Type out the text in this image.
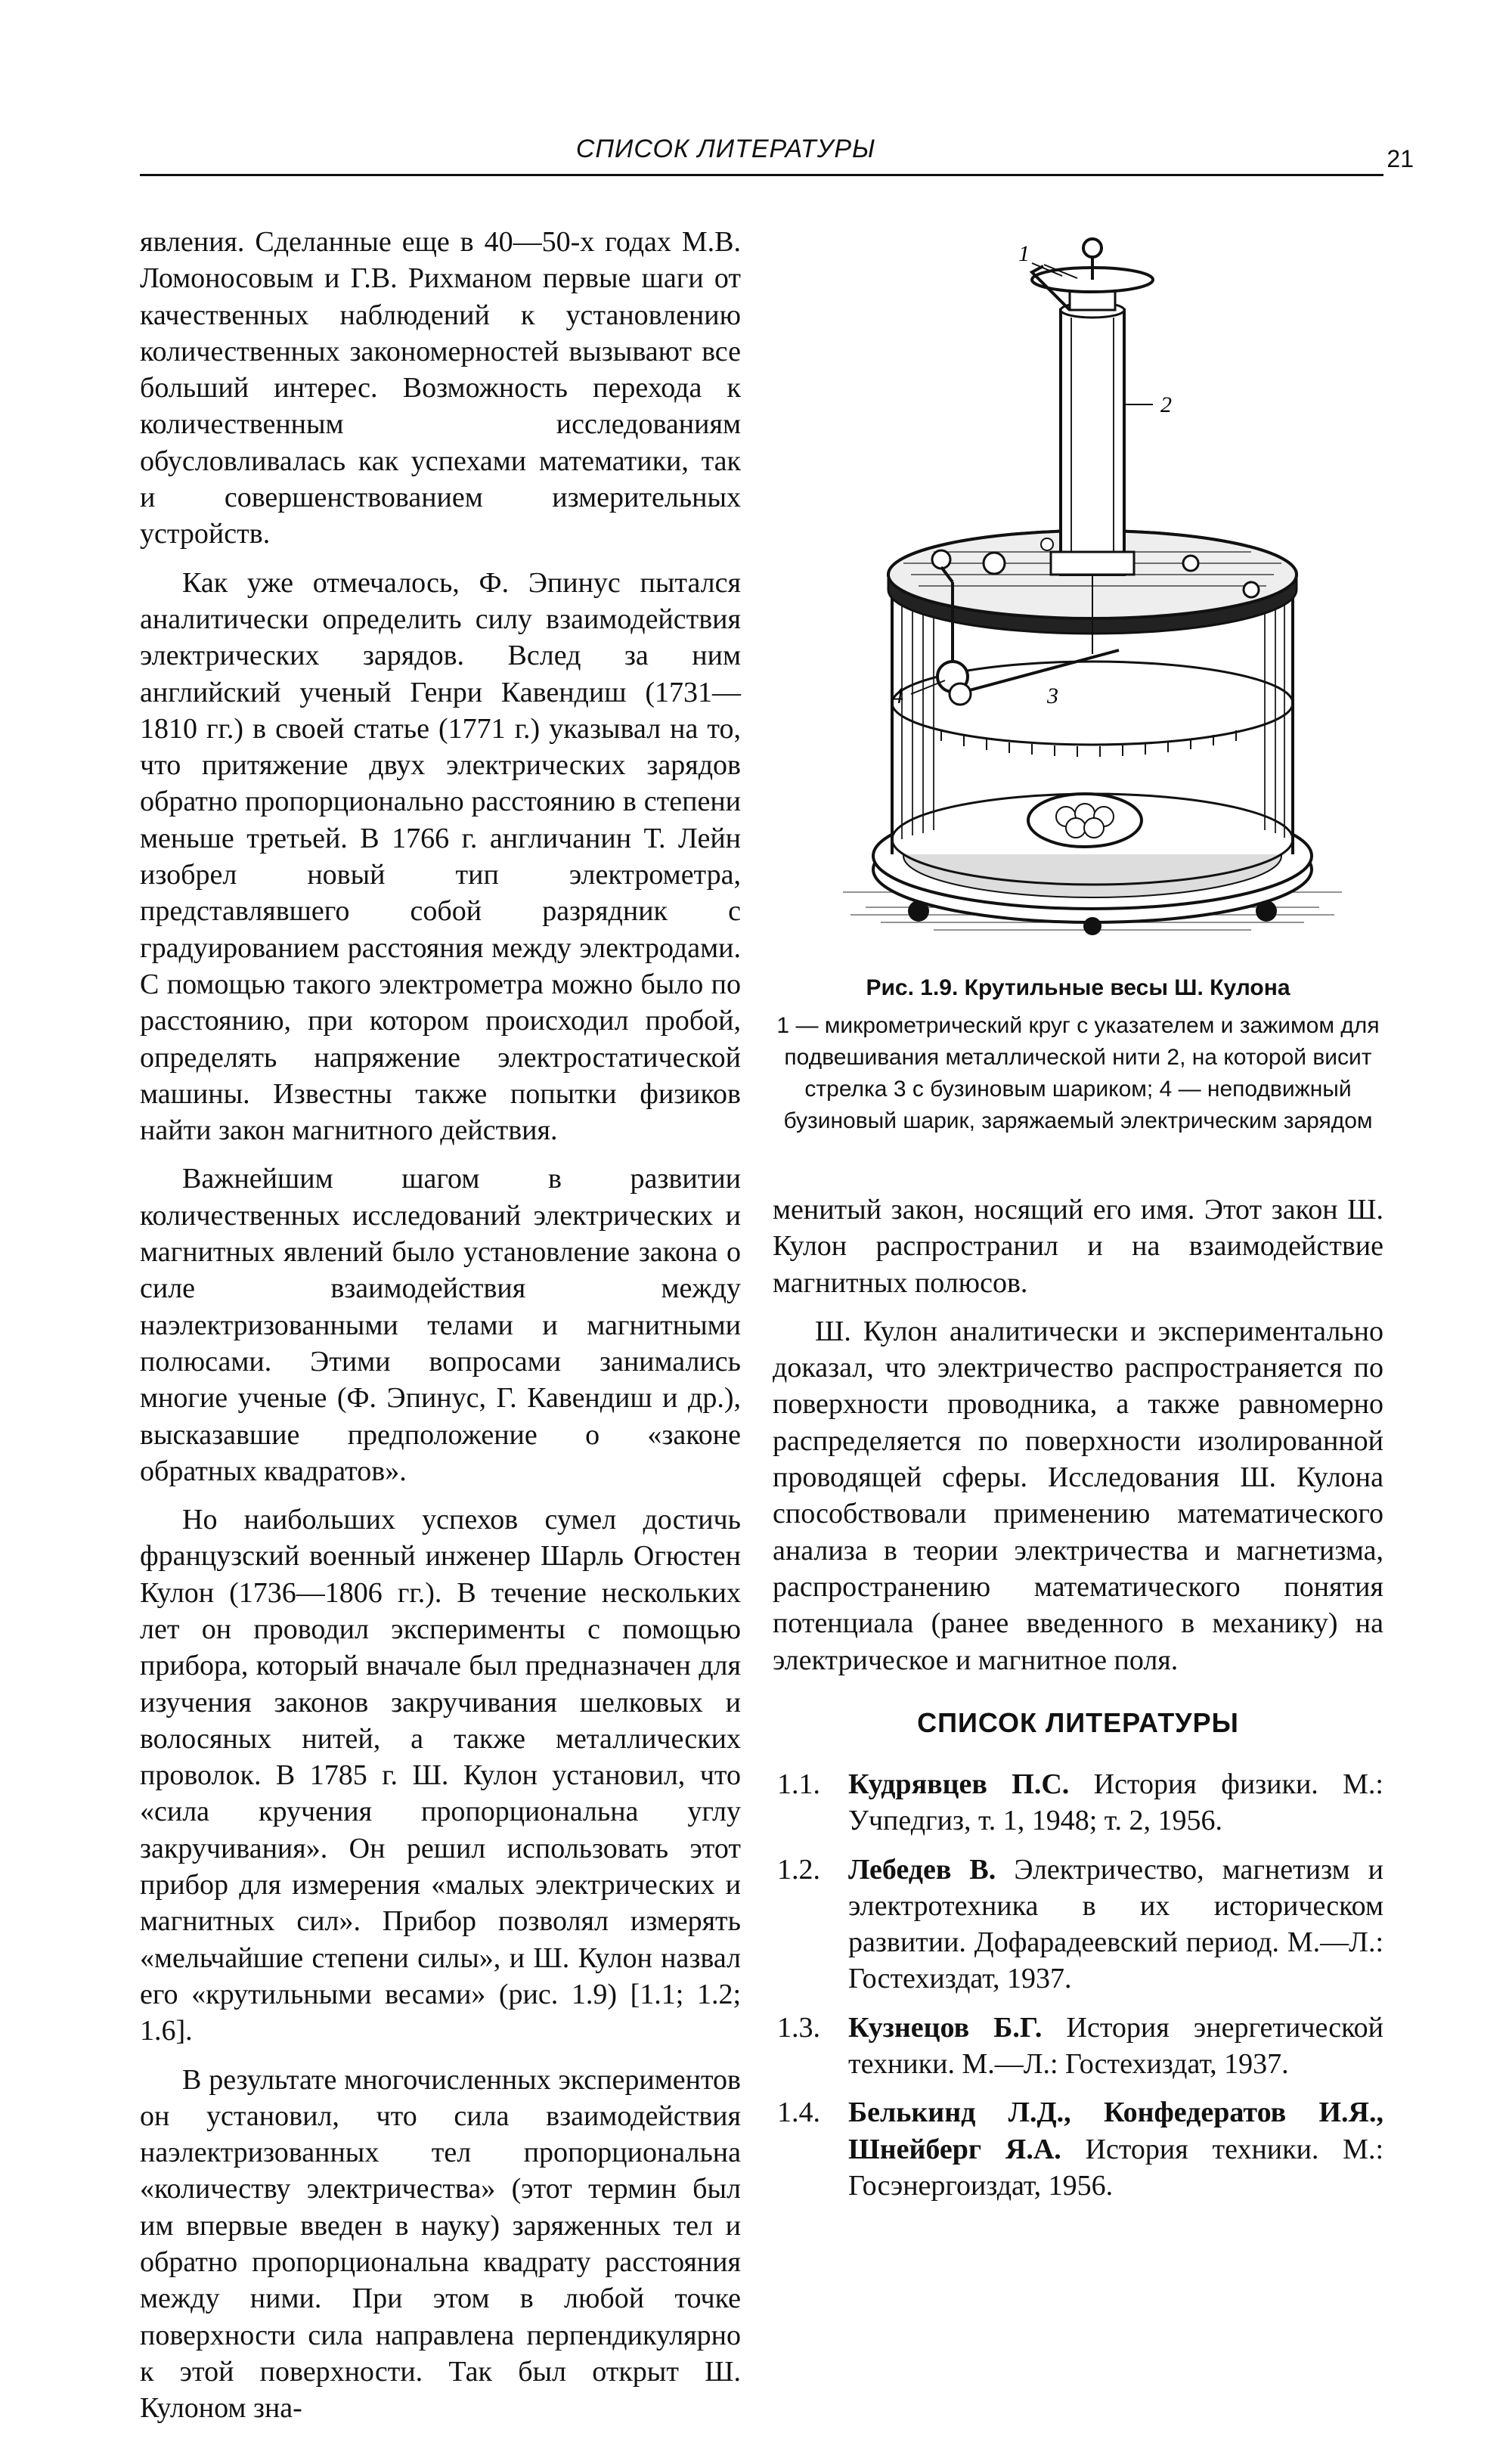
СПИСОК ЛИТЕРАТУРЫ	21

явления. Сделанные еще в 40—50-х годах М.В. Ломоносовым и Г.В. Рихманом первые шаги от качественных наблюдений к установлению количественных закономерностей вызывают все больший интерес. Возможность перехода к количественным исследованиям обусловливалась как успехами математики, так и совершенствованием измерительных устройств.

Как уже отмечалось, Ф. Эпинус пытался аналитически определить силу взаимодействия электрических зарядов. Вслед за ним английский ученый Генри Кавендиш (1731—1810 гг.) в своей статье (1771 г.) указывал на то, что притяжение двух электрических зарядов обратно пропорционально расстоянию в степени меньше третьей. В 1766 г. англичанин Т. Лейн изобрел новый тип электрометра, представлявшего собой разрядник с градуированием расстояния между электродами. С помощью такого электрометра можно было по расстоянию, при котором происходил пробой, определять напряжение электростатической машины. Известны также попытки физиков найти закон магнитного действия.

Важнейшим шагом в развитии количественных исследований электрических и магнитных явлений было установление закона о силе взаимодействия между наэлектризованными телами и магнитными полюсами. Этими вопросами занимались многие ученые (Ф. Эпинус, Г. Кавендиш и др.), высказавшие предположение о «законе обратных квадратов».

Но наибольших успехов сумел достичь французский военный инженер Шарль Огюстен Кулон (1736—1806 гг.). В течение нескольких лет он проводил эксперименты с помощью прибора, который вначале был предназначен для изучения законов закручивания шелковых и волосяных нитей, а также металлических проволок. В 1785 г. Ш. Кулон установил, что «сила кручения пропорциональна углу закручивания». Он решил использовать этот прибор для измерения «малых электрических и магнитных сил». Прибор позволял измерять «мельчайшие степени силы», и Ш. Кулон назвал его «крутильными весами» (рис. 1.9) [1.1; 1.2; 1.6].

В результате многочисленных экспериментов он установил, что сила взаимодействия наэлектризованных тел пропорциональна «количеству электричества» (этот термин был им впервые введен в науку) заряженных тел и обратно пропорциональна квадрату расстояния между ними. При этом в любой точке поверхности сила направлена перпендикулярно к этой поверхности. Так был открыт Ш. Кулоном зна-

1
2
3
4
Рис. 1.9. Крутильные весы Ш. Кулона
1 — микрометрический круг с указателем и зажимом для подвешивания металлической нити 2, на которой висит стрелка 3 с бузиновым шариком; 4 — неподвижный бузиновый шарик, заряжаемый электрическим зарядом

менитый закон, носящий его имя. Этот закон Ш. Кулон распространил и на взаимодействие магнитных полюсов.

Ш. Кулон аналитически и экспериментально доказал, что электричество распространяется по поверхности проводника, а также равномерно распределяется по поверхности изолированной проводящей сферы. Исследования Ш. Кулона способствовали применению математического анализа в теории электричества и магнетизма, распространению математического понятия потенциала (ранее введенного в механику) на электрическое и магнитное поля.

СПИСОК ЛИТЕРАТУРЫ
1.1. Кудрявцев П.С. История физики. М.: Учпедгиз, т. 1, 1948; т. 2, 1956.
1.2. Лебедев В. Электричество, магнетизм и электротехника в их историческом развитии. Дофарадеевский период. М.—Л.: Гостехиздат, 1937.
1.3. Кузнецов Б.Г. История энергетической техники. М.—Л.: Гостехиздат, 1937.
1.4. Белькинд Л.Д., Конфедератов И.Я., Шнейберг Я.А. История техники. М.: Госэнергоиздат, 1956.
